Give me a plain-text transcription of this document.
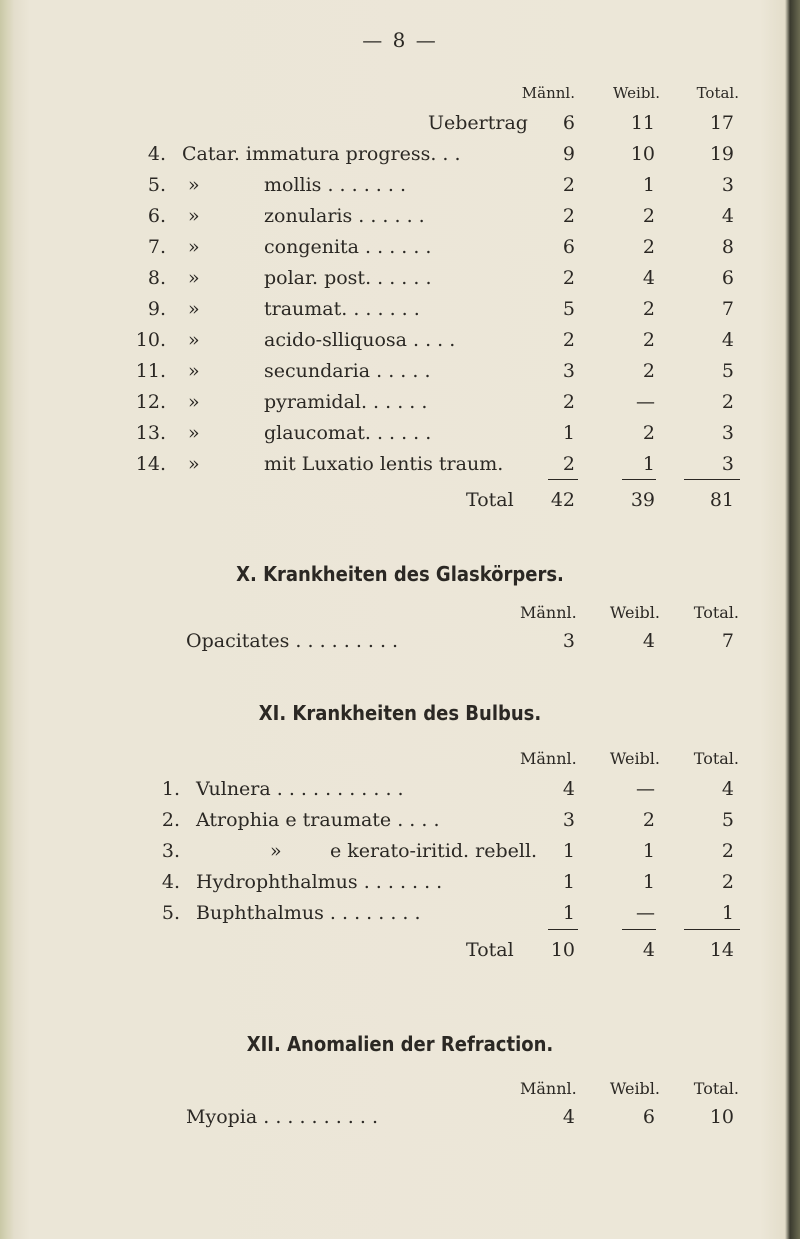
— 8 —
Männl.	Weibl.	Total.
Uebertrag	6	11	17
4. Catar. immatura progress. . .	9	10	19
5. »	mollis . . . . . . .	2	1	3
6. »	zonularis . . . . . .	2	2	4
7. »	congenita . . . . . .	6	2	8
8. »	polar. post. . . . . .	2	4	6
9. »	traumat. . . . . . .	5	2	7
10. »	acido-slliquosa . . . .	2	2	4
11. »	secundaria . . . . .	3	2	5
12. »	pyramidal. . . . . .	2	—	2
13. »	glaucomat. . . . . .	1	2	3
14. »	mit Luxatio lentis traum.	2	1	3
Total	42	39	81
X. Krankheiten des Glaskörpers.
Männl.	Weibl.	Total.
Opacitates . . . . . . . . .	3	4	7
XI. Krankheiten des Bulbus.
Männl.	Weibl.	Total.
1. Vulnera . . . . . . . . . . .	4	—	4
2. Atrophia e traumate . . . .	3	2	5
3.	»	e kerato-iritid. rebell.	1	1	2
4. Hydrophthalmus . . . . . . .	1	1	2
5. Buphthalmus . . . . . . . .	1	—	1
Total	10	4	14
XII. Anomalien der Refraction.
Männl.	Weibl.	Total.
Myopia . . . . . . . . . .	4	6	10
